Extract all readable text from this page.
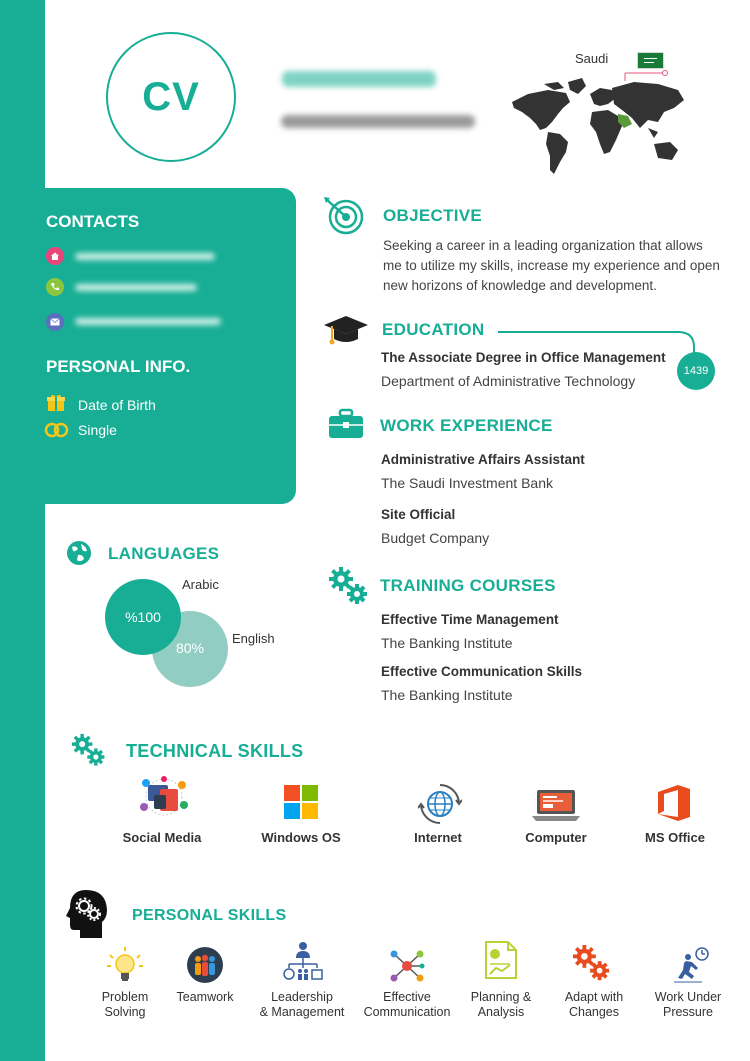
CV
Saudi
CONTACTS
PERSONAL INFO.
Date of Birth
Single
OBJECTIVE
Seeking a career in a leading organization that allows
me to utilize my skills, increase my experience and open
new horizons of knowledge and development.
EDUCATION
1439
The Associate Degree in Office Management
Department of Administrative Technology
WORK EXPERIENCE
Administrative Affairs Assistant
The Saudi Investment Bank
Site Official
Budget Company
LANGUAGES
80%
%100
Arabic
English
TRAINING COURSES
Effective Time Management
The Banking Institute
Effective Communication Skills
The Banking Institute
TECHNICAL SKILLS
Social Media	Windows OS	Internet	Computer	MS Office
PERSONAL SKILLS
Problem
Solving
Teamwork	Leadership
& Management
Effective
Communication
Planning &
Analysis
Adapt with
Changes
Work Under
Pressure
